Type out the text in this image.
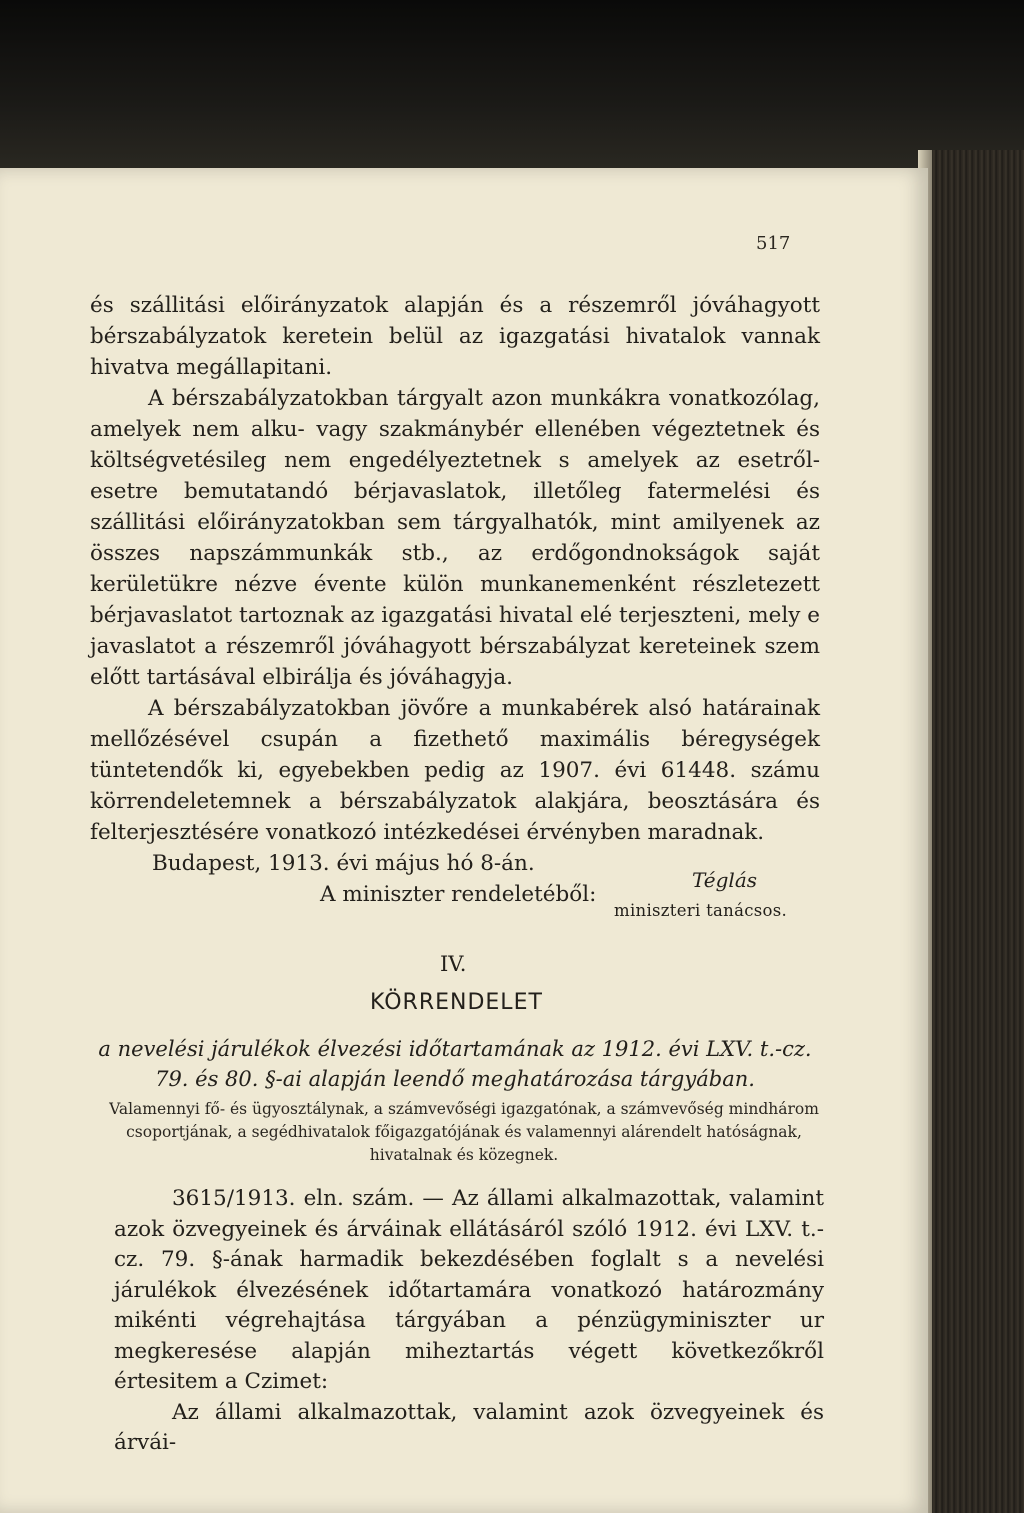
517

és szállitási előirányzatok alapján és a részemről jóváhagyott bérszabályzatok keretein belül az igazgatási hivatalok vannak hivatva megállapitani.

A bérszabályzatokban tárgyalt azon munkákra vonatkozólag, amelyek nem alku- vagy szakmánybér ellenében végeztetnek és költségvetésileg nem engedélyeztetnek s amelyek az esetről-esetre bemutatandó bérjavaslatok, illetőleg fatermelési és szállitási előirányzatokban sem tárgyalhatók, mint amilyenek az összes napszámmunkák stb., az erdőgondnokságok saját kerületükre nézve évente külön munkanemenként részletezett bérjavaslatot tartoznak az igazgatási hivatal elé terjeszteni, mely e javaslatot a részemről jóváhagyott bérszabályzat kereteinek szem előtt tartásával elbirálja és jóváhagyja.

A bérszabályzatokban jövőre a munkabérek alsó határainak mellőzésével csupán a fizethető maximális béregységek tüntetendők ki, egyebekben pedig az 1907. évi 61448. számu körrendeletemnek a bérszabályzatok alakjára, beosztására és felterjesztésére vonatkozó intézkedései érvényben maradnak.

Budapest, 1913. évi május hó 8-án.

A miniszter rendeletéből:

Téglás
miniszteri tanácsos.
IV.
KÖRRENDELET
a nevelési járulékok élvezési időtartamának az 1912. évi LXV. t.-cz. 79. és 80. §-ai alapján leendő meghatározása tárgyában.
Valamennyi fő- és ügyosztálynak, a számvevőségi igazgatónak, a számvevőség mindhárom csoportjának, a segédhivatalok főigazgatójának és valamennyi alárendelt hatóságnak, hivatalnak és közegnek.

3615/1913. eln. szám. — Az állami alkalmazottak, valamint azok özvegyeinek és árváinak ellátásáról szóló 1912. évi LXV. t.-cz. 79. §-ának harmadik bekezdésében foglalt s a nevelési járulékok élvezésének időtartamára vonatkozó határozmány mikénti végrehajtása tárgyában a pénzügyminiszter ur megkeresése alapján miheztartás végett következőkről értesitem a Czimet:

Az állami alkalmazottak, valamint azok özvegyeinek és árvái-
